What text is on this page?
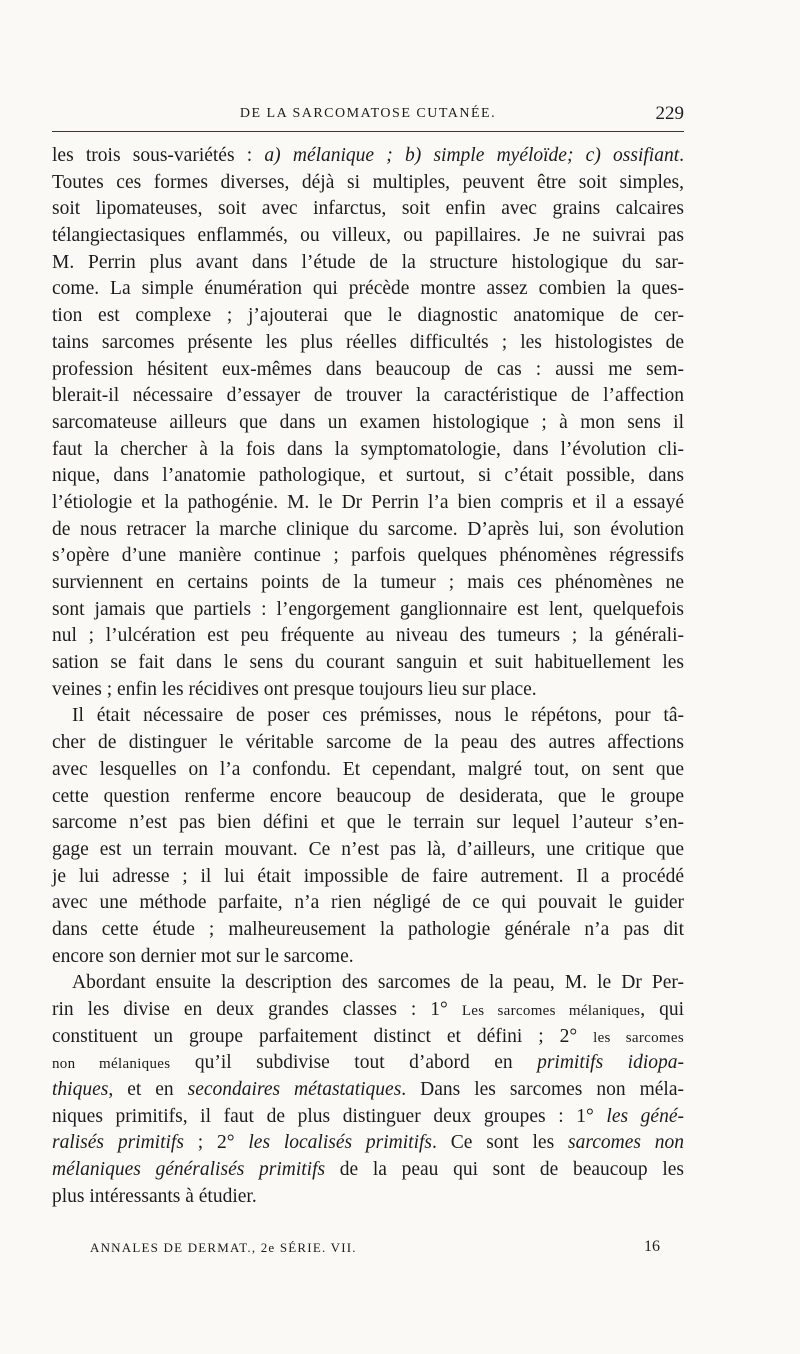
DE LA SARCOMATOSE CUTANÉE.	229
les trois sous-variétés : a) mélanique ; b) simple myéloïde; c) ossifiant.
Toutes ces formes diverses, déjà si multiples, peuvent être soit simples,
soit lipomateuses, soit avec infarctus, soit enfin avec grains calcaires
télangiectasiques enflammés, ou villeux, ou papillaires. Je ne suivrai pas
M. Perrin plus avant dans l’étude de la structure histologique du sar-
come. La simple énumération qui précède montre assez combien la ques-
tion est complexe ; j’ajouterai que le diagnostic anatomique de cer-
tains sarcomes présente les plus réelles difficultés ; les histologistes de
profession hésitent eux-mêmes dans beaucoup de cas : aussi me sem-
blerait-il nécessaire d’essayer de trouver la caractéristique de l’affection
sarcomateuse ailleurs que dans un examen histologique ; à mon sens il
faut la chercher à la fois dans la symptomatologie, dans l’évolution cli-
nique, dans l’anatomie pathologique, et surtout, si c’était possible, dans
l’étiologie et la pathogénie. M. le Dr Perrin l’a bien compris et il a essayé
de nous retracer la marche clinique du sarcome. D’après lui, son évolution
s’opère d’une manière continue ; parfois quelques phénomènes régressifs
surviennent en certains points de la tumeur ; mais ces phénomènes ne
sont jamais que partiels : l’engorgement ganglionnaire est lent, quelquefois
nul ; l’ulcération est peu fréquente au niveau des tumeurs ; la générali-
sation se fait dans le sens du courant sanguin et suit habituellement les
veines ; enfin les récidives ont presque toujours lieu sur place.
Il était nécessaire de poser ces prémisses, nous le répétons, pour tâ-
cher de distinguer le véritable sarcome de la peau des autres affections
avec lesquelles on l’a confondu. Et cependant, malgré tout, on sent que
cette question renferme encore beaucoup de desiderata, que le groupe
sarcome n’est pas bien défini et que le terrain sur lequel l’auteur s’en-
gage est un terrain mouvant. Ce n’est pas là, d’ailleurs, une critique que
je lui adresse ; il lui était impossible de faire autrement. Il a procédé
avec une méthode parfaite, n’a rien négligé de ce qui pouvait le guider
dans cette étude ; malheureusement la pathologie générale n’a pas dit
encore son dernier mot sur le sarcome.
Abordant ensuite la description des sarcomes de la peau, M. le Dr Per-
rin les divise en deux grandes classes : 1° Les sarcomes mélaniques, qui
constituent un groupe parfaitement distinct et défini ; 2° les sarcomes
non mélaniques qu’il subdivise tout d’abord en primitifs idiopa-
thiques, et en secondaires métastatiques. Dans les sarcomes non méla-
niques primitifs, il faut de plus distinguer deux groupes : 1° les géné-
ralisés primitifs ; 2° les localisés primitifs. Ce sont les sarcomes non
mélaniques généralisés primitifs de la peau qui sont de beaucoup les
plus intéressants à étudier.
ANNALES DE DERMAT., 2e SÉRIE. VII.	16
